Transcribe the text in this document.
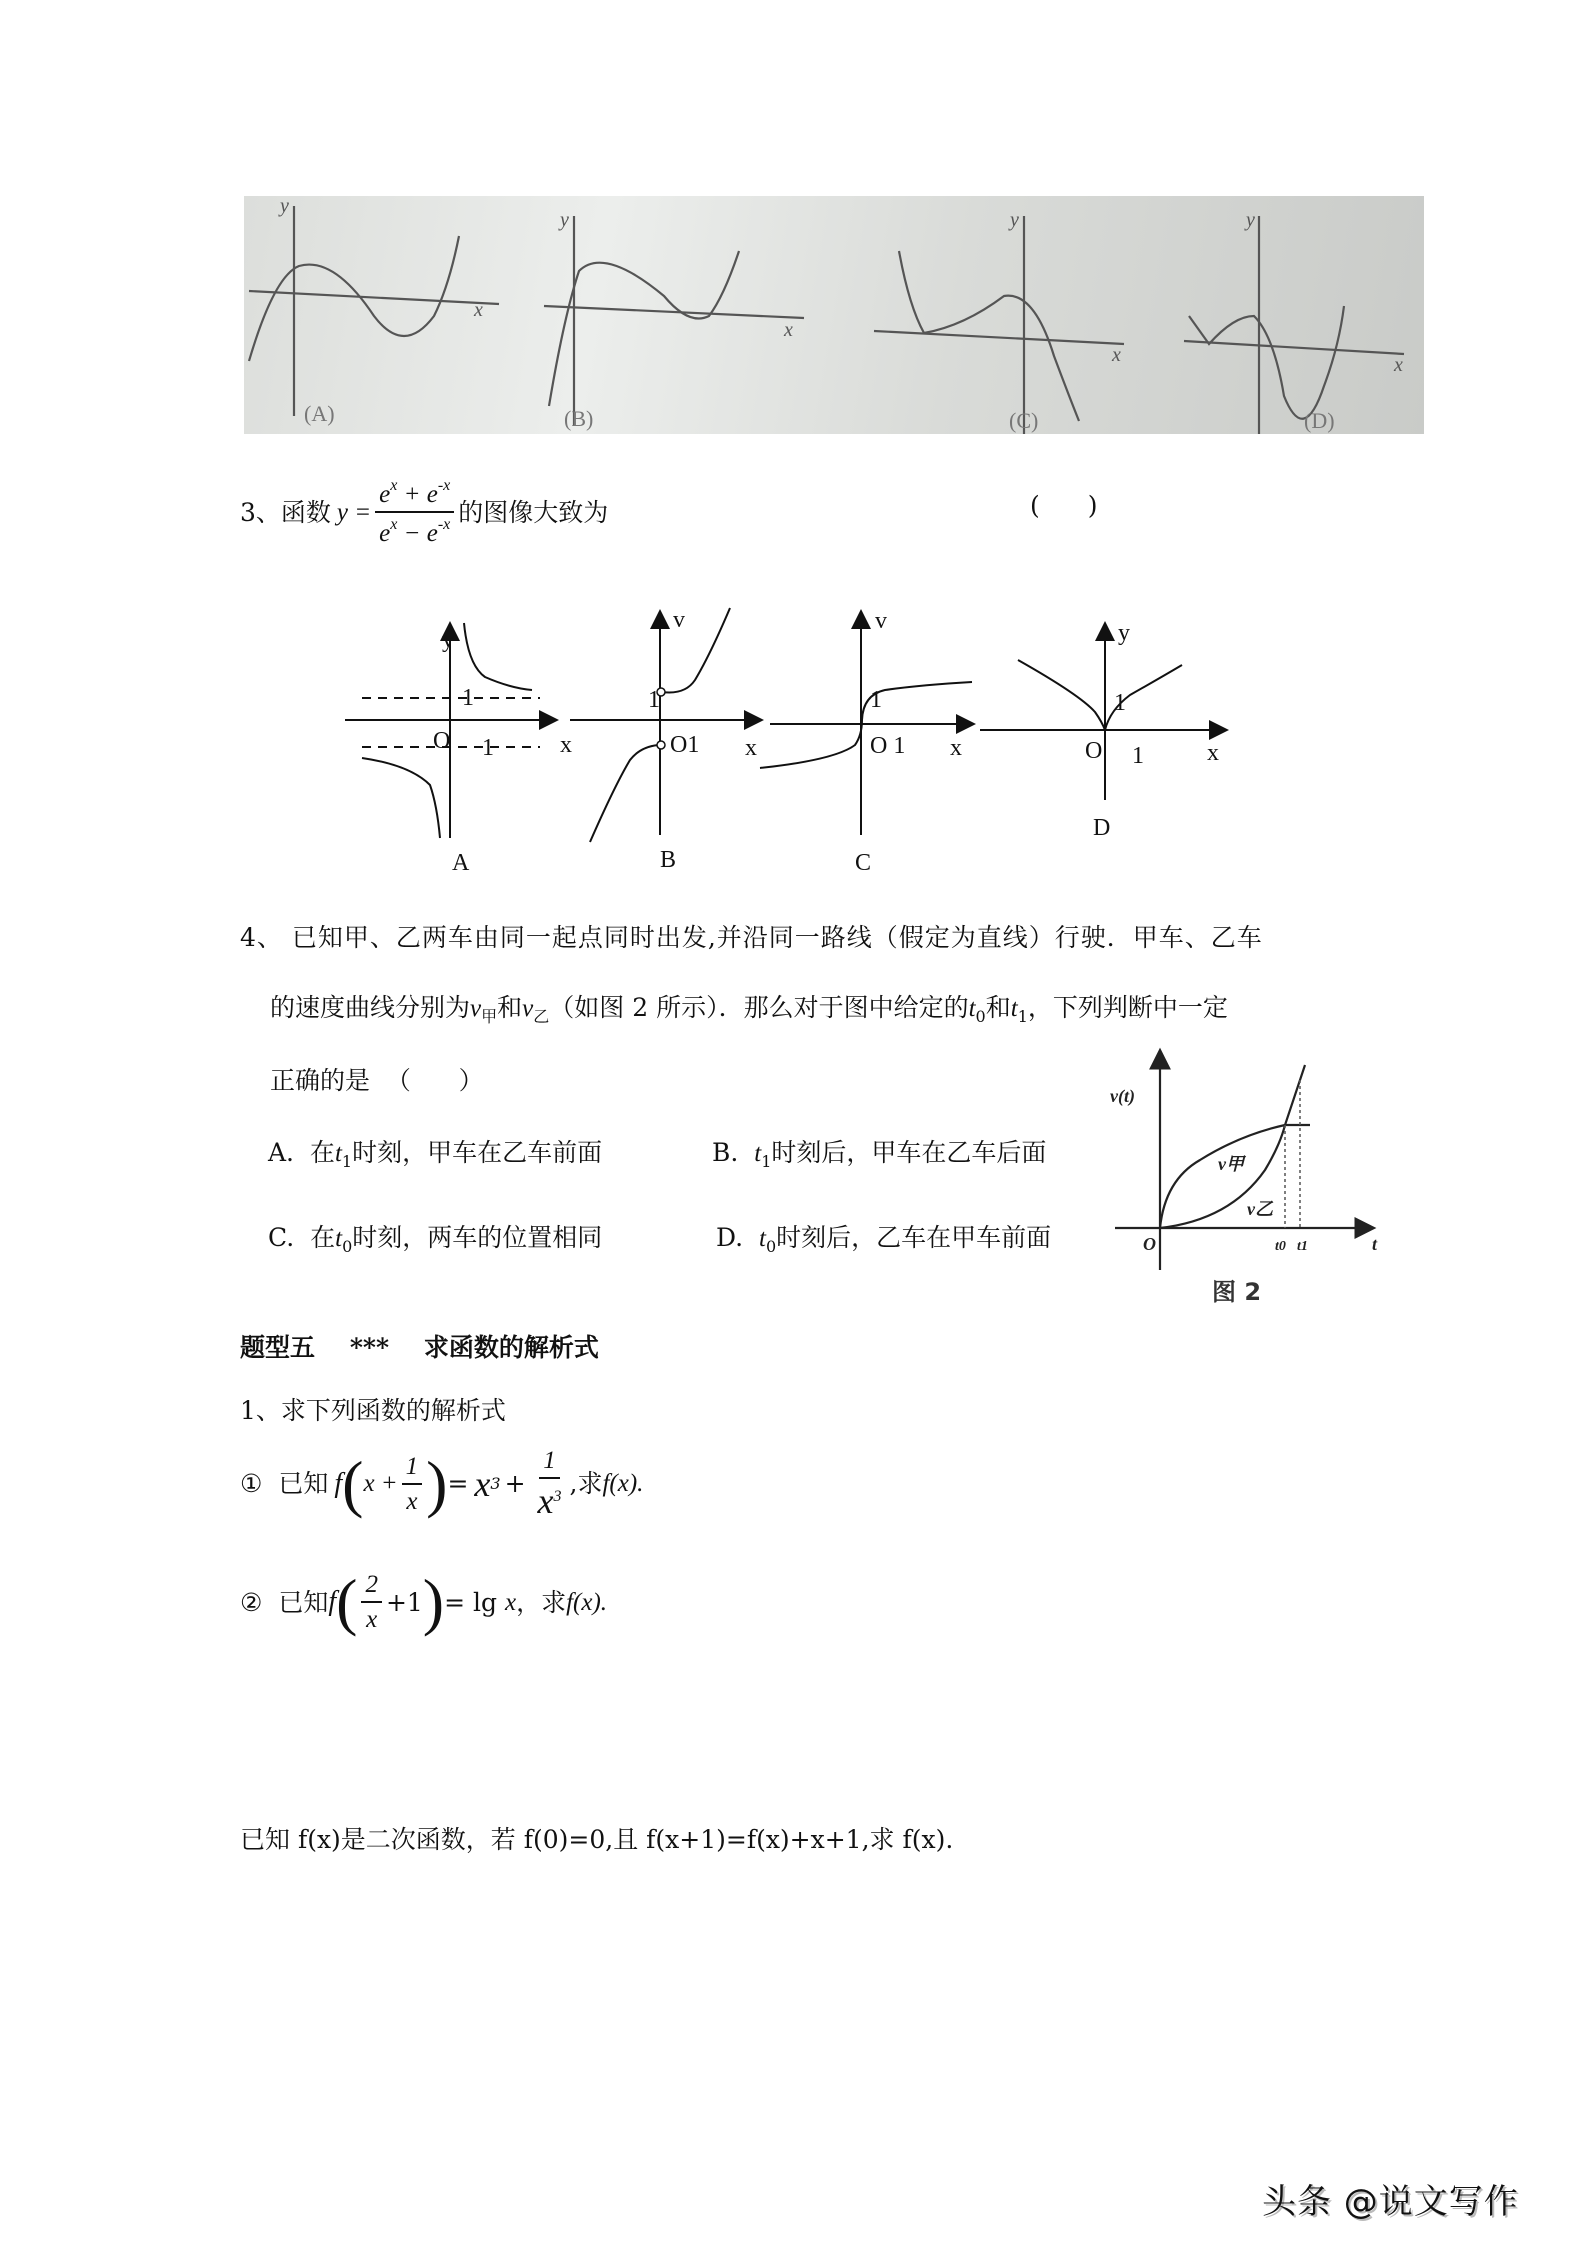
y
x
y
x
y
x
y
x
(A)	(B)	(C)	(D)
3、 函数 $y = \frac{e^x + e^{-x}}{e^x - e^{-x}}$ 的图像大致为	( )
y
1
O 1	x
A
v
1
O1 x
B
v
1
O 1 x
C
y
1
O 1	x
D
4、 已知甲、乙两车由同一起点同时出发,并沿同一路线（假定为直线）行驶．甲车、乙车
的速度曲线分别为$v_甲$和$v_乙$（如图 2 所示）．那么对于图中给定的$t_0$和$t_1$，下列判断中一定
正确的是  （      ）
A. 在$t_1$时刻，甲车在乙车前面	B. $t_1$时刻后，甲车在乙车后面
C. 在$t_0$时刻，两车的位置相同	D. $t_0$时刻后，乙车在甲车前面
v(t)
v甲
v乙
O	t0 t1	t
图 2
题型五 *** 求函数的解析式
1、求下列函数的解析式
①
已知 f ( $x + \frac{1}{x}$ ) = x $3 + \frac{1}{x^3}$ ,求 f(x).
②
已知 f ( $\frac{2}{x} +1$ ) = lg
x ，求 f(x).
已知 f(x)是二次函数，若 f(0)=0,且 f(x+1)=f(x)+x+1,求 f(x).
头条 @说文写作
